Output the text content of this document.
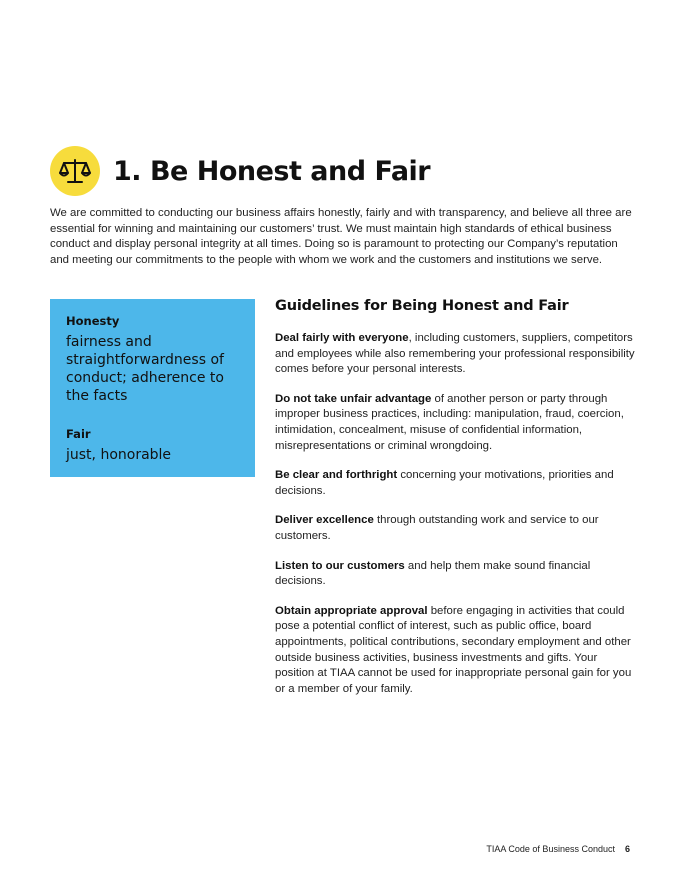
1. Be Honest and Fair

We are committed to conducting our business affairs honestly, fairly and with transparency, and believe all three are essential for winning and maintaining our customers’ trust. We must maintain high standards of ethical business conduct and display personal integrity at all times. Doing so is paramount to protecting our Company’s reputation and meeting our commitments to the people with whom we work and the customers and institutions we serve.

Honesty

fairness and straightforwardness of conduct; adherence to the facts

Fair

just, honorable

Guidelines for Being Honest and Fair

Deal fairly with everyone, including customers, suppliers, competitors and employees while also remembering your professional responsibility comes before your personal interests.

Do not take unfair advantage of another person or party through improper business practices, including: manipulation, fraud, coercion, intimidation, concealment, misuse of confidential information, misrepresentations or criminal wrongdoing.

Be clear and forthright concerning your motivations, priorities and decisions.

Deliver excellence through outstanding work and service to our customers.

Listen to our customers and help them make sound financial decisions.

Obtain appropriate approval before engaging in activities that could pose a potential conflict of interest, such as public office, board appointments, political contributions, secondary employment and other outside business activities, business investments and gifts. Your position at TIAA cannot be used for inappropriate personal gain for you or a member of your family.

TIAA Code of Business Conduct 6
